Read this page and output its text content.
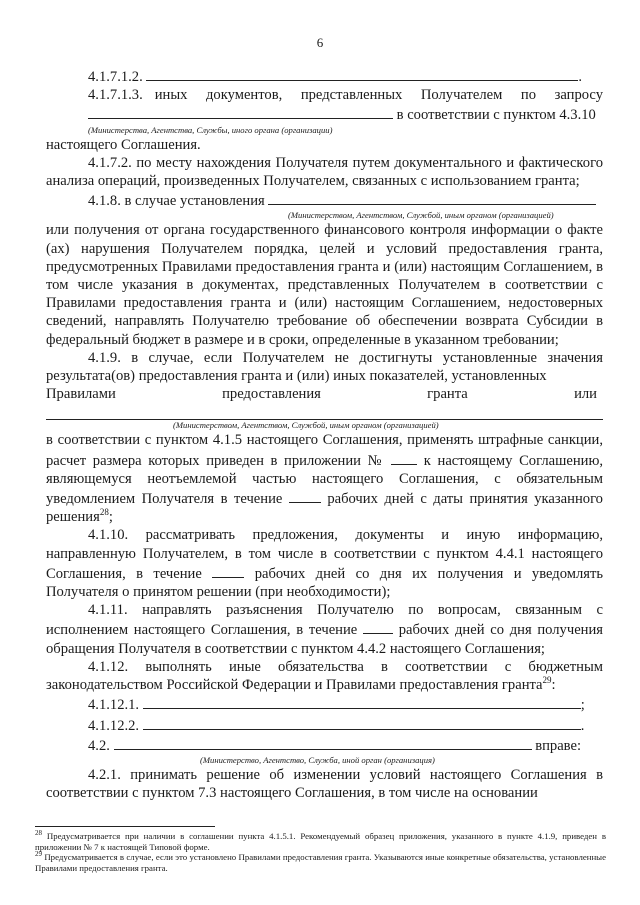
6
4.1.7.1.2.	.
4.1.7.1.3. иных документов, представленных Получателем по запросу
в соответствии с пунктом 4.3.10
(Министерства, Агентства, Службы, иного органа (организации)
настоящего Соглашения.
4.1.7.2. по месту нахождения Получателя путем документального и фактического анализа операций, произведенных Получателем, связанных с использованием гранта;
4.1.8. в случае установления
(Министерством, Агентством, Службой, иным органом (организацией)
или получения от органа государственного финансового контроля информации о факте (ах) нарушения Получателем порядка, целей и условий предоставления гранта, предусмотренных Правилами предоставления гранта и (или) настоящим Соглашением, в том числе указания в документах, представленных Получателем в соответствии с Правилами предоставления гранта и (или) настоящим Соглашением, недостоверных сведений, направлять Получателю требование об обеспечении возврата Субсидии в федеральный бюджет в размере и в сроки, определенные в указанном требовании;
4.1.9. в случае, если Получателем не достигнуты установленные значения результата(ов) предоставления гранта и (или) иных показателей, установленных
Правилами	предоставления	гранта	или
(Министерством, Агентством, Службой, иным органом (организацией)
в соответствии с пунктом 4.1.5 настоящего Соглашения, применять штрафные санкции, расчет размера которых приведен в приложении №	к настоящему Соглашению, являющемуся неотъемлемой частью настоящего Соглашения, с обязательным уведомлением Получателя в течение	рабочих дней с даты принятия указанного решения$^{28}$;
4.1.10. рассматривать предложения, документы и иную информацию, направленную Получателем, в том числе в соответствии с пунктом 4.4.1 настоящего Соглашения, в течение	рабочих дней со дня их получения и уведомлять Получателя о принятом решении (при необходимости);
4.1.11. направлять разъяснения Получателю по вопросам, связанным с исполнением настоящего Соглашения, в течение	рабочих дней со дня получения обращения Получателя в соответствии с пунктом 4.4.2 настоящего Соглашения;
4.1.12. выполнять иные обязательства в соответствии с бюджетным законодательством Российской Федерации и Правилами предоставления гранта$^{29}$:
4.1.12.1.	;
4.1.12.2.	.
4.2.	вправе:
(Министерство, Агентство, Служба, иной орган (организация)
4.2.1. принимать решение об изменении условий настоящего Соглашения в соответствии с пунктом 7.3 настоящего Соглашения, в том числе на основании
$^{28}$ Предусматривается при наличии в соглашении пункта 4.1.5.1. Рекомендуемый образец приложения, указанного в пункте 4.1.9, приведен в приложении № 7 к настоящей Типовой форме.
$^{29}$ Предусматривается в случае, если это установлено Правилами предоставления гранта. Указываются иные конкретные обязательства, установленные Правилами предоставления гранта.
